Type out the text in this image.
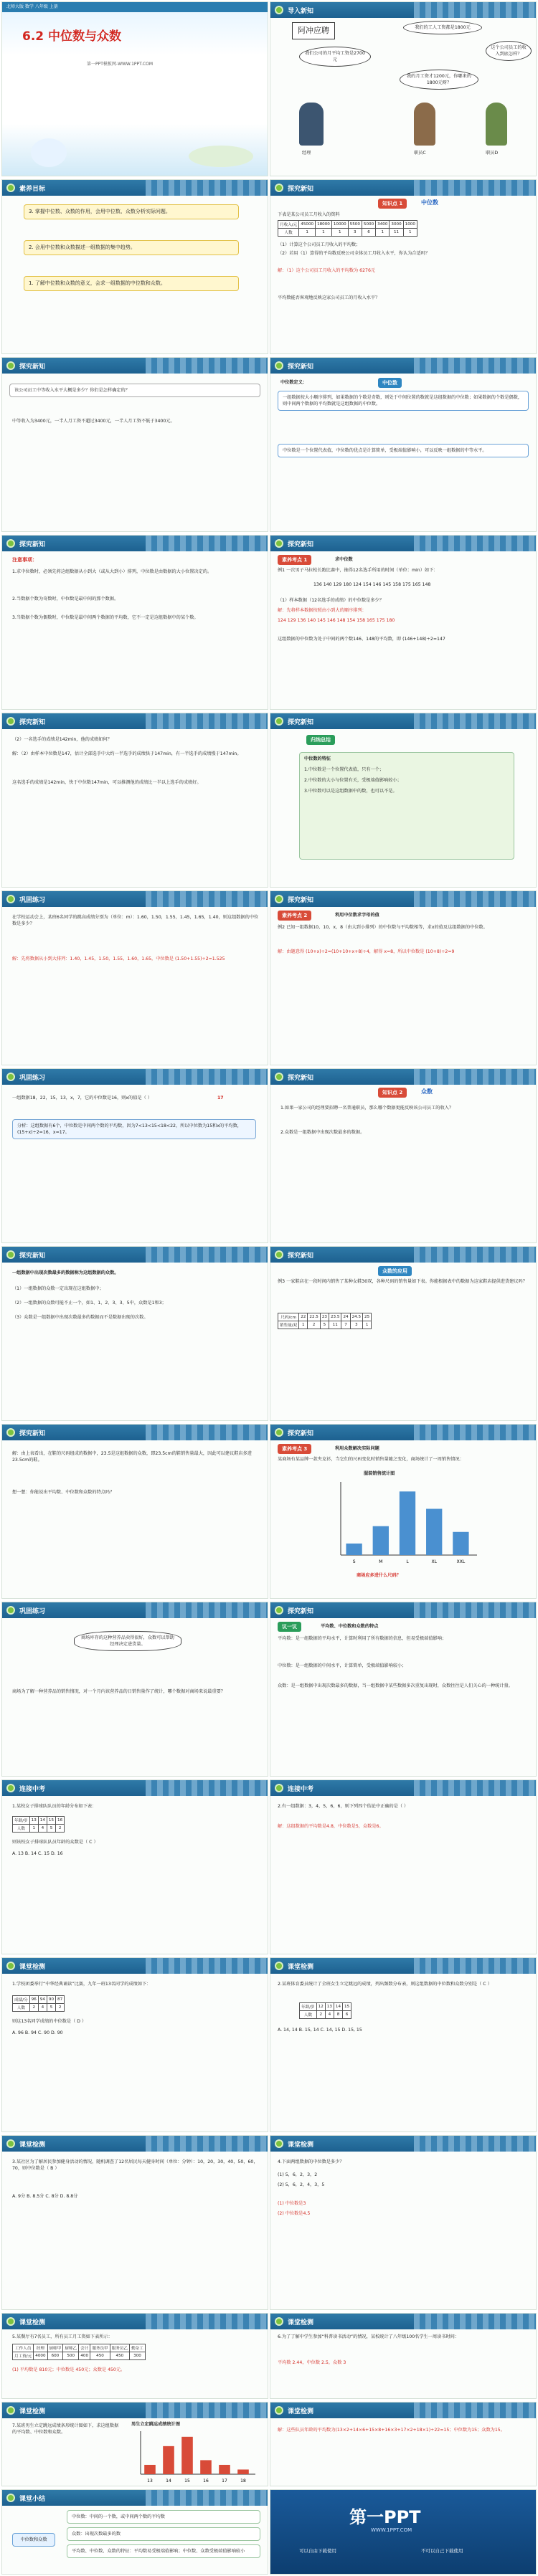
北师大版 数学 八年级 上册
6.2 中位数与众数
第一PPT模板网-WWW.1PPT.COM
导入新知
阿冲应聘	我们的工人工资都是1800元
我们公司的月平均工资是2700元
我的月工资才1200元，你哪来的1800元呀？
这个公司员工的收入到底怎样？
经理	职员C	职员D
素养目标
3. 掌握中位数、众数的作用，会用中位数、众数分析实际问题。
2. 会用中位数和众数描述一组数据的集中趋势。
1. 了解中位数和众数的意义，会求一组数据的中位数和众数。
探究新知
知识点 1	中位数
下表是某公司员工月收入的资料
月收入/元	45000	18000	10000	5500	5000	3400	3000	1000
人数	1	1	1	3	6	1	11	1
（1）计算这个公司员工月收入的平均数；
（2）若用（1）算得的平均数反映公司全体员工月收入水平，你认为合适吗？
解：（1）这个公司员工月收入的平均数为 6276元
平均数能否客观地反映这家公司员工的月收入水平？
探究新知
该公司员工中等收入水平大概是多少？你们是怎样确定的？
中等收入为3400元，一半人月工资不超过3400元，一半人月工资不低于3400元。
探究新知
中位数定义：	中位数
一组数据按大小顺序排列，如果数据的个数是奇数，则处于中间位置的数就是这组数据的中位数；如果数据的个数是偶数，则中间两个数据的平均数就是这组数据的中位数。
中位数是一个位置代表值，中位数的优点是计算简单，受极端值影响小，可以反映一组数据的中等水平。
探究新知
注意事项：
1.求中位数时，必须先将这组数据从小到大（或从大到小）排列，中位数是由数据的大小位置决定的。
2.当数据个数为奇数时，中位数是最中间的那个数据。
3.当数据个数为偶数时，中位数是最中间两个数据的平均数，它不一定是这组数据中的某个数。
探究新知
素养考点 1	求中位数
例1 一次男子马拉松长跑比赛中，抽得12名选手所用的时间（单位：min）如下：
136 140 129 180 124 154 146 145 158 175 165 148
（1）样本数据（12名选手的成绩）的中位数是多少？
解：先将样本数据按照由小到大的顺序排列：
124 129 136 140 145 146 148 154 158 165 175 180
这组数据的中位数为处于中间的两个数146、148的平均数，即 (146+148)÷2=147
探究新知
（2）一名选手的成绩是142min，他的成绩如何？
解：（2）由样本中位数是147，估计全部选手中大约一半选手的成绩快于147min，有一半选手的成绩慢于147min。
这名选手的成绩是142min，快于中位数147min，可以推测他的成绩比一半以上选手的成绩好。
探究新知
归纳总结
中位数的特征
1.中位数是一个位置代表值，只有一个；
2.中位数的大小与位置有关，受极端值影响较小；
3.中位数可以是这组数据中的数，也可以不是。
巩固练习
在学校运动会上，某班6名同学的跳高成绩分别为（单位：m）：1.60，1.50，1.55，1.45，1.65，1.40，则这组数据的中位数是多少？
解：先将数据从小到大排列：1.40，1.45，1.50，1.55，1.60，1.65，中位数是 (1.50+1.55)÷2=1.525
探究新知
素养考点 2	利用中位数求字母的值
例2 已知一组数据10，10，x，8（由大到小排列）的中位数与平均数相等，求x的值及这组数据的中位数。
解：由题意得 (10+x)÷2=(10+10+x+8)÷4，解得 x=8，所以中位数是 (10+8)÷2=9
巩固练习
一组数据18，22，15，13，x，7，它的中位数是16，则x的值是（ ）	17
分析：这组数据有6个，中位数是中间两个数的平均数，因为7<13<15<18<22，所以中位数为15和x的平均数，(15+x)÷2=16，x=17。
探究新知
知识点 2	众数
1.如果一家公司的经理要招聘一名普通职员，那么哪个数据更能反映该公司员工的收入？
2.众数是一组数据中出现次数最多的数据。
探究新知
一组数据中出现次数最多的数据称为这组数据的众数。
（1）一组数据的众数一定出现在这组数据中；
（2）一组数据的众数可能不止一个，如1、1、2、3、3、5中，众数是1和3；
（3）众数是一组数据中出现次数最多的数据而不是数据出现的次数。
探究新知
众数的应用
例3 一家鞋店在一段时间内销售了某种女鞋30双，各种尺码的销售量如下表。你能根据表中的数据为这家鞋店提供进货建议吗？
尺码/cm	22	22.5	23	23.5	24	24.5	25
销售量/双	1	2	5	11	7	3	1
探究新知
解：由上表看出，在鞋的尺码组成的数据中，23.5是这组数据的众数，即23.5cm的鞋销售量最大，因此可以建议鞋店多进23.5cm的鞋。
想一想：你能说出平均数、中位数和众数的特点吗？
探究新知
素养考点 3	利用众数解决实际问题
某商场有某品牌一款夹克衫，当它们的尺码变化时销售量随之变化，商场统计了一周销售情况：
服装销售统计图
S	M	L	XL	XXL
商场应多进什么尺码？
巩固练习
商场库存的这种营养品卖得很好，众数可以帮助经理决定进货量。
商场为了解一种营养品的销售情况，对一个月内该营养品的日销售量作了统计，哪个数据对商场来说最重要？
探究新知
议一议	平均数、中位数和众数的特点
平均数：是一组数据的平均水平，计算时利用了所有数据的信息，但易受极端值影响；
中位数：是一组数据的中间水平，计算简单，受极端值影响较小；
众数：是一组数据中出现次数最多的数据，当一组数据中某些数据多次重复出现时，众数往往是人们关心的一种统计量。
连接中考
1.某校女子排球队队员的年龄分布如下表：
年龄/岁	13	14	15	16
人数	1	4	5	2
则该校女子排球队队员年龄的众数是（ C ）
A. 13 B. 14 C. 15 D. 16
连接中考
2.有一组数据：3，4，5，6，6，则下列四个结论中正确的是（ ）
解：这组数据的平均数是4.8，中位数是5，众数是6。
课堂检测
1.学校团委举行“中华经典诵读”比赛，九年一班13名同学的成绩如下：
成绩/分	96	94	90	87
人数	2	4	5	2
则这13名同学成绩的中位数是（ D ）
A. 96 B. 94 C. 90 D. 90
课堂检测
2.某班体育委员统计了全班女生立定跳远的成绩，列出频数分布表，则这组数据的中位数和众数分别是（ C ）
年龄/岁	12	13	14	15
人数	2	4	8	6
A. 14, 14 B. 15, 14 C. 14, 15 D. 15, 15
课堂检测
3.某社区为了解居民参加健身活动的情况，随机调查了12名居民每天健身时间（单位：分钟）：10，20，30，40，50，60，70，则中位数是（ B ）
A. 9分 B. 8.5分 C. 8分 D. 8.8分
课堂检测
4.下面两组数据的中位数是多少？
(1) 5，6，2，3，2
(2) 5，6，2，4，3，5
(1) 中位数是3
(2) 中位数是4.5
课堂检测
5.某餐厅有7名员工，所有员工月工资如下表所示：
工作人员	经理	厨师甲	厨师乙	会计	服务员甲	服务员乙	勤杂工
月工资/元	4000	600	500	400	450	450	300
(1) 平均数是 810元；中位数是 450元；众数是 450元。
课堂检测
6.为了了解中学生参加“科普读书活动”的情况，某校统计了八年级100名学生一周读书时间：
平均数 2.44，中位数 2.5，众数 3
课堂检测
7.某班男生立定跳远成绩条形统计图如下，求这组数据的平均数、中位数和众数。
男生立定跳远成绩统计图
13	14	15	16	17	18
课堂检测
解：这些队员年龄的平均数为(13×2+14×6+15×8+16×3+17×2+18×1)÷22≈15；中位数为15；众数为15。
课堂小结
中位数和众数
中位数：中间的一个数，或中间两个数的平均数
众数：出现次数最多的数
平均数、中位数、众数的特征：平均数易受极端值影响；中位数、众数受极端值影响较小
第一PPT
WWW.1PPT.COM
可以自由下载使用	不可以自己下载使用
